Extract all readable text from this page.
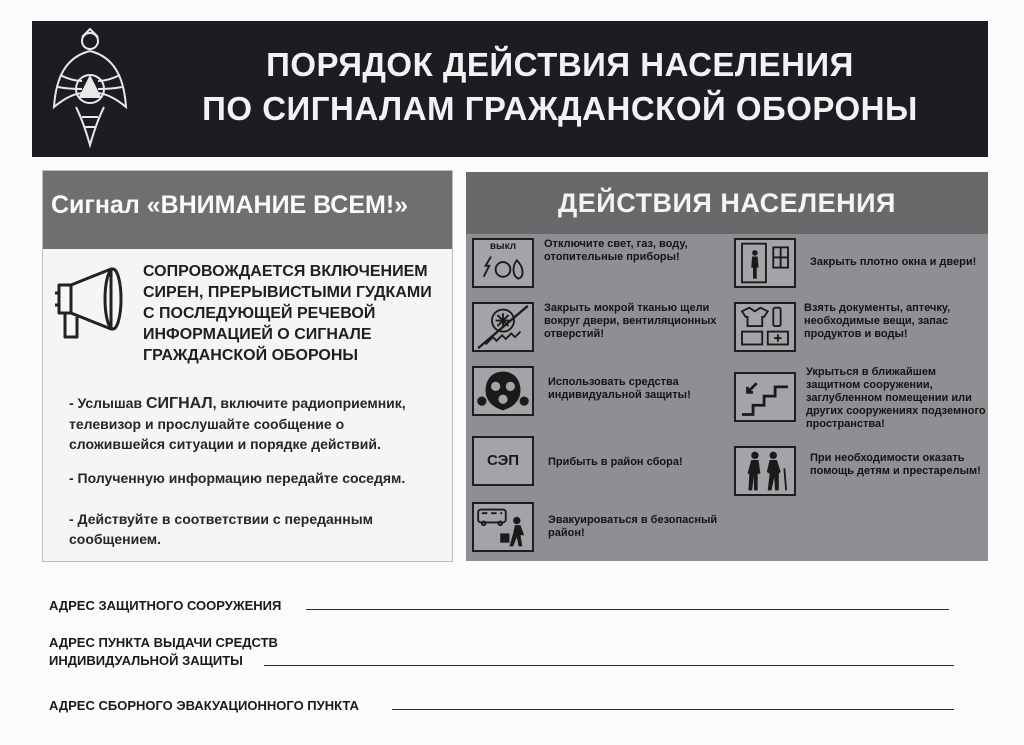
ПОРЯДОК ДЕЙСТВИЯ НАСЕЛЕНИЯ
ПО СИГНАЛАМ ГРАЖДАНСКОЙ ОБОРОНЫ
Сигнал «ВНИМАНИЕ ВСЕМ!»
СОПРОВОЖДАЕТСЯ ВКЛЮЧЕНИЕМ СИРЕН, ПРЕРЫВИСТЫМИ ГУДКАМИ С ПОСЛЕДУЮЩЕЙ РЕЧЕВОЙ ИНФОРМАЦИЕЙ О СИГНАЛЕ ГРАЖДАНСКОЙ ОБОРОНЫ
- Услышав СИГНАЛ, включите радиоприемник, телевизор и прослушайте сообщение о сложившейся ситуации и порядке действий.
- Полученную информацию передайте соседям.
- Действуйте в соответствии с переданным сообщением.
ДЕЙСТВИЯ НАСЕЛЕНИЯ
выкл	Отключите свет, газ, воду, отопительные приборы!
Закрыть мокрой тканью щели вокруг двери, вентиляционных отверстий!
Использовать средства индивидуальной защиты!
СЭП	Прибыть в район сбора!
Эвакуироваться в безопасный район!
Закрыть плотно окна и двери!
Взять документы, аптечку, необходимые вещи, запас продуктов и воды!
Укрыться в ближайшем защитном сооружении, заглубленном помещении или других сооружениях подземного пространства!
При необходимости оказать помощь детям и престарелым!
АДРЕС ЗАЩИТНОГО СООРУЖЕНИЯ
АДРЕС ПУНКТА ВЫДАЧИ СРЕДСТВ
ИНДИВИДУАЛЬНОЙ ЗАЩИТЫ
АДРЕС СБОРНОГО ЭВАКУАЦИОННОГО ПУНКТА
